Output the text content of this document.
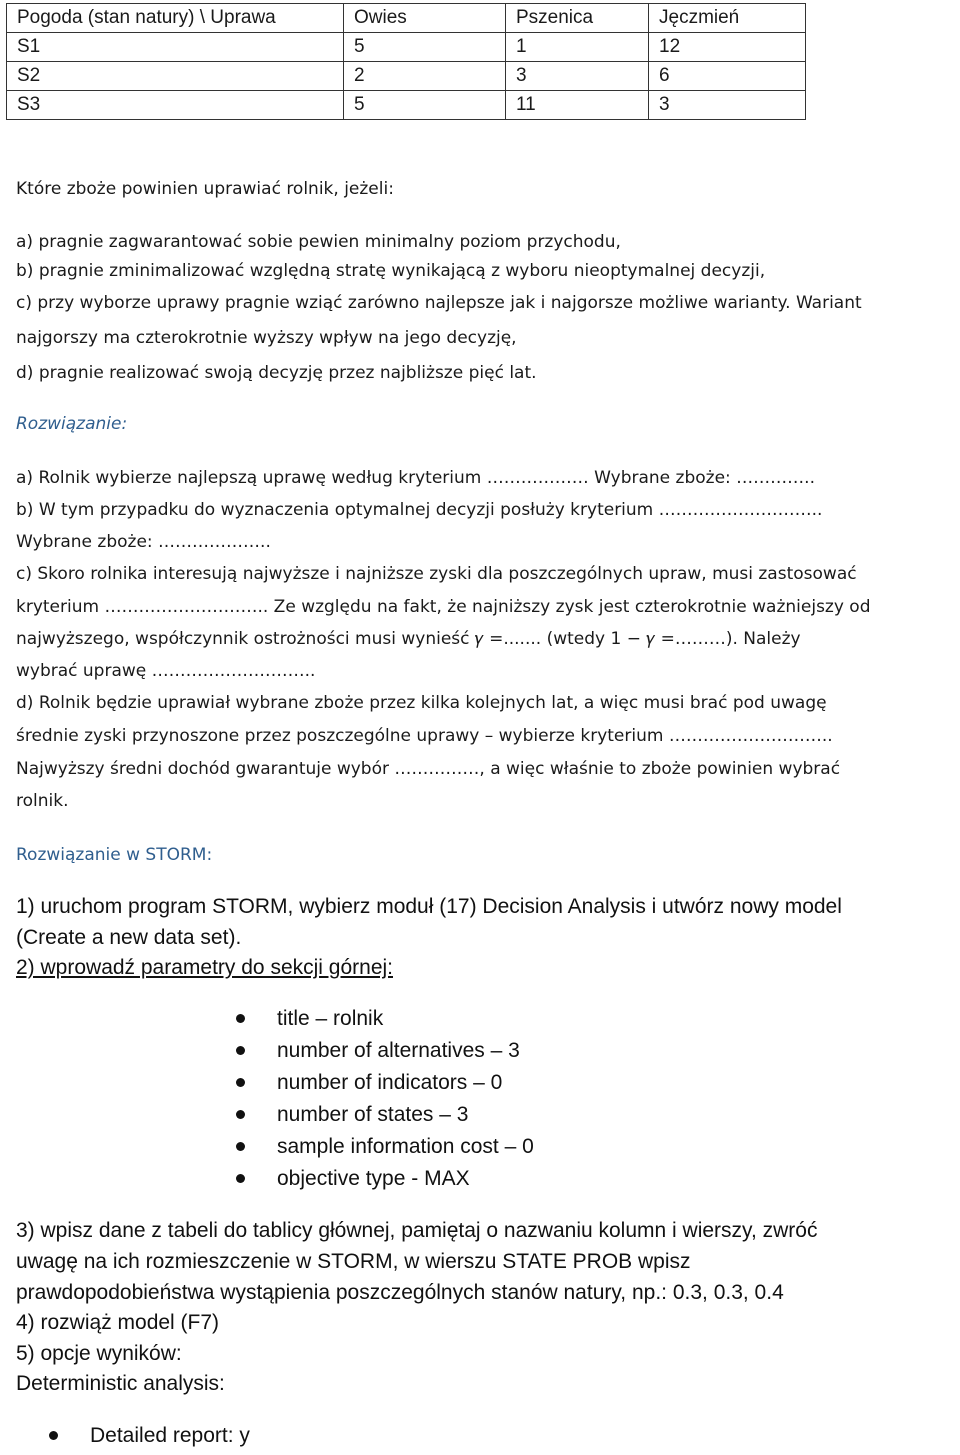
Pogoda (stan natury) \ Uprawa	Owies	Pszenica	Jęczmień
S1	5	1	12
S2	2	3	6
S3	5	11	3
Które zboże powinien uprawiać rolnik, jeżeli:
a) pragnie zagwarantować sobie pewien minimalny poziom przychodu,
b) pragnie zminimalizować względną stratę wynikającą z wyboru nieoptymalnej decyzji,
c) przy wyborze uprawy pragnie wziąć zarówno najlepsze jak i najgorsze możliwe warianty. Wariant
najgorszy ma czterokrotnie wyższy wpływ na jego decyzję,
d) pragnie realizować swoją decyzję przez najbliższe pięć lat.
Rozwiązanie:
a) Rolnik wybierze najlepszą uprawę według kryterium ……………… Wybrane zboże: …………..
b) W tym przypadku do wyznaczenia optymalnej decyzji posłuży kryterium ………………………..
Wybrane zboże: ………………..
c) Skoro rolnika interesują najwyższe i najniższe zyski dla poszczególnych upraw, musi zastosować
kryterium ……………………….. Ze względu na fakt, że najniższy zysk jest czterokrotnie ważniejszy od
najwyższego, współczynnik ostrożności musi wynieść 𝛾 =....... (wtedy 1 − 𝛾 =………). Należy
wybrać uprawę ………………………..
d) Rolnik będzie uprawiał wybrane zboże przez kilka kolejnych lat, a więc musi brać pod uwagę
średnie zyski przynoszone przez poszczególne uprawy – wybierze kryterium ………………………..
Najwyższy średni dochód gwarantuje wybór ……………, a więc właśnie to zboże powinien wybrać
rolnik.
Rozwiązanie w STORM:
1) uruchom program STORM, wybierz moduł (17) Decision Analysis i utwórz nowy model
(Create a new data set).
2) wprowadź parametry do sekcji górnej:
title – rolnik
number of alternatives – 3
number of indicators – 0
number of states – 3
sample information cost – 0
objective type - MAX
3) wpisz dane z tabeli do tablicy głównej, pamiętaj o nazwaniu kolumn i wierszy, zwróć
uwagę na ich rozmieszczenie w STORM, w wierszu STATE PROB wpisz
prawdopodobieństwa wystąpienia poszczególnych stanów natury, np.: 0.3, 0.3, 0.4
4) rozwiąż model (F7)
5) opcje wyników:
Deterministic analysis:
Detailed report: y
